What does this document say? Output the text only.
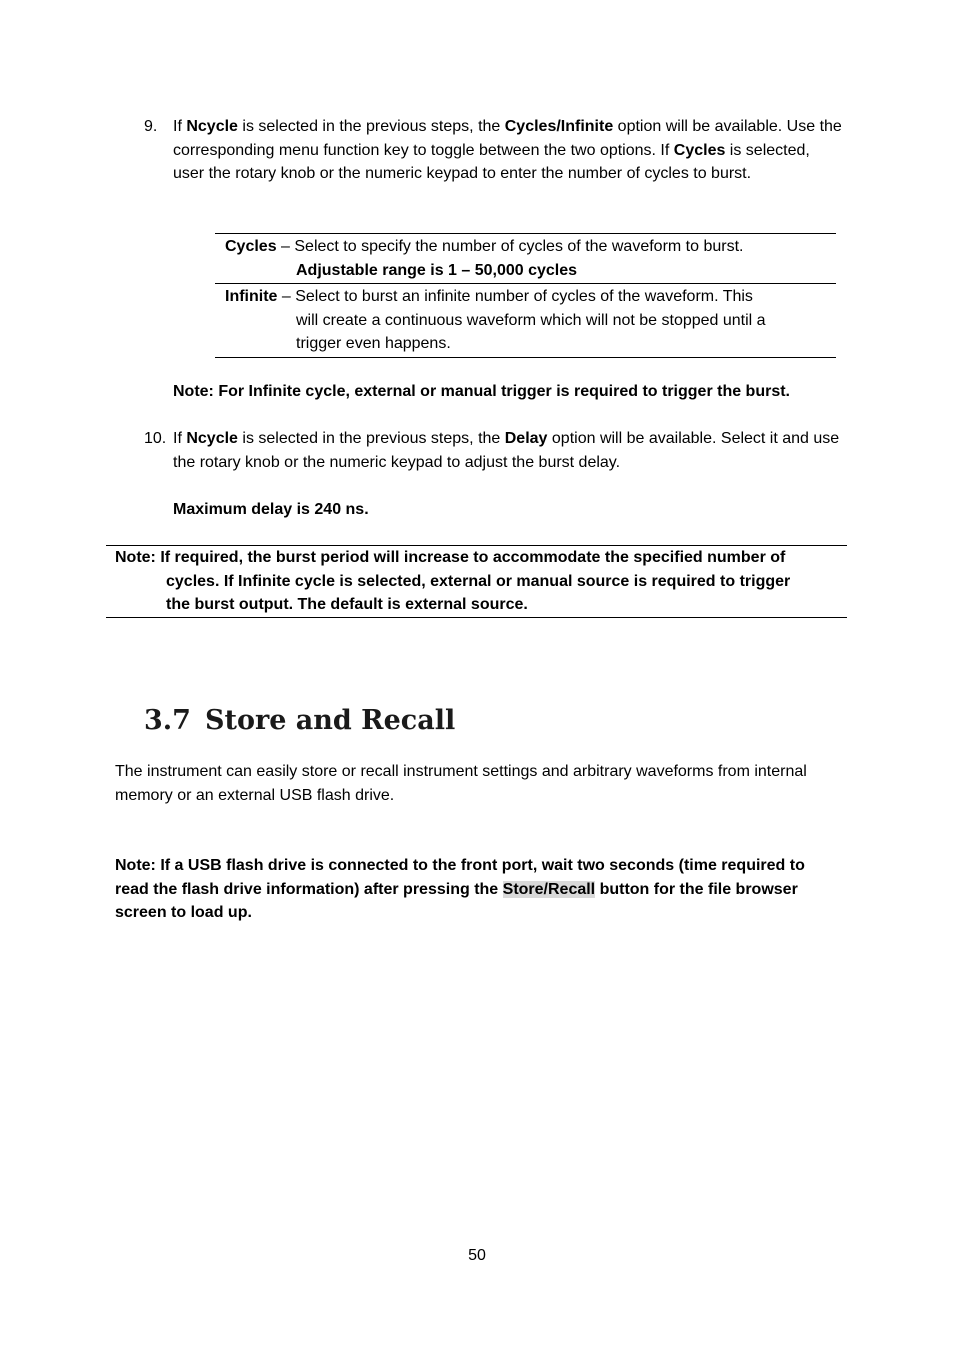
9. If Ncycle is selected in the previous steps, the Cycles/Infinite option will be available. Use the corresponding menu function key to toggle between the two options. If Cycles is selected, user the rotary knob or the numeric keypad to enter the number of cycles to burst.
Cycles – Select to specify the number of cycles of the waveform to burst.
Adjustable range is 1 – 50,000 cycles
Infinite – Select to burst an infinite number of cycles of the waveform. This
will create a continuous waveform which will not be stopped until a
trigger even happens.
Note: For Infinite cycle, external or manual trigger is required to trigger the burst.
10. If Ncycle is selected in the previous steps, the Delay option will be available. Select it and use the rotary knob or the numeric keypad to adjust the burst delay.
Maximum delay is 240 ns.
Note: If required, the burst period will increase to accommodate the specified number of
cycles. If Infinite cycle is selected, external or manual source is required to trigger
the burst output. The default is external source.
3.7 Store and Recall
The instrument can easily store or recall instrument settings and arbitrary waveforms from internal memory or an external USB flash drive.
Note: If a USB flash drive is connected to the front port, wait two seconds (time required to read the flash drive information) after pressing the Store/Recall button for the file browser screen to load up.
50
